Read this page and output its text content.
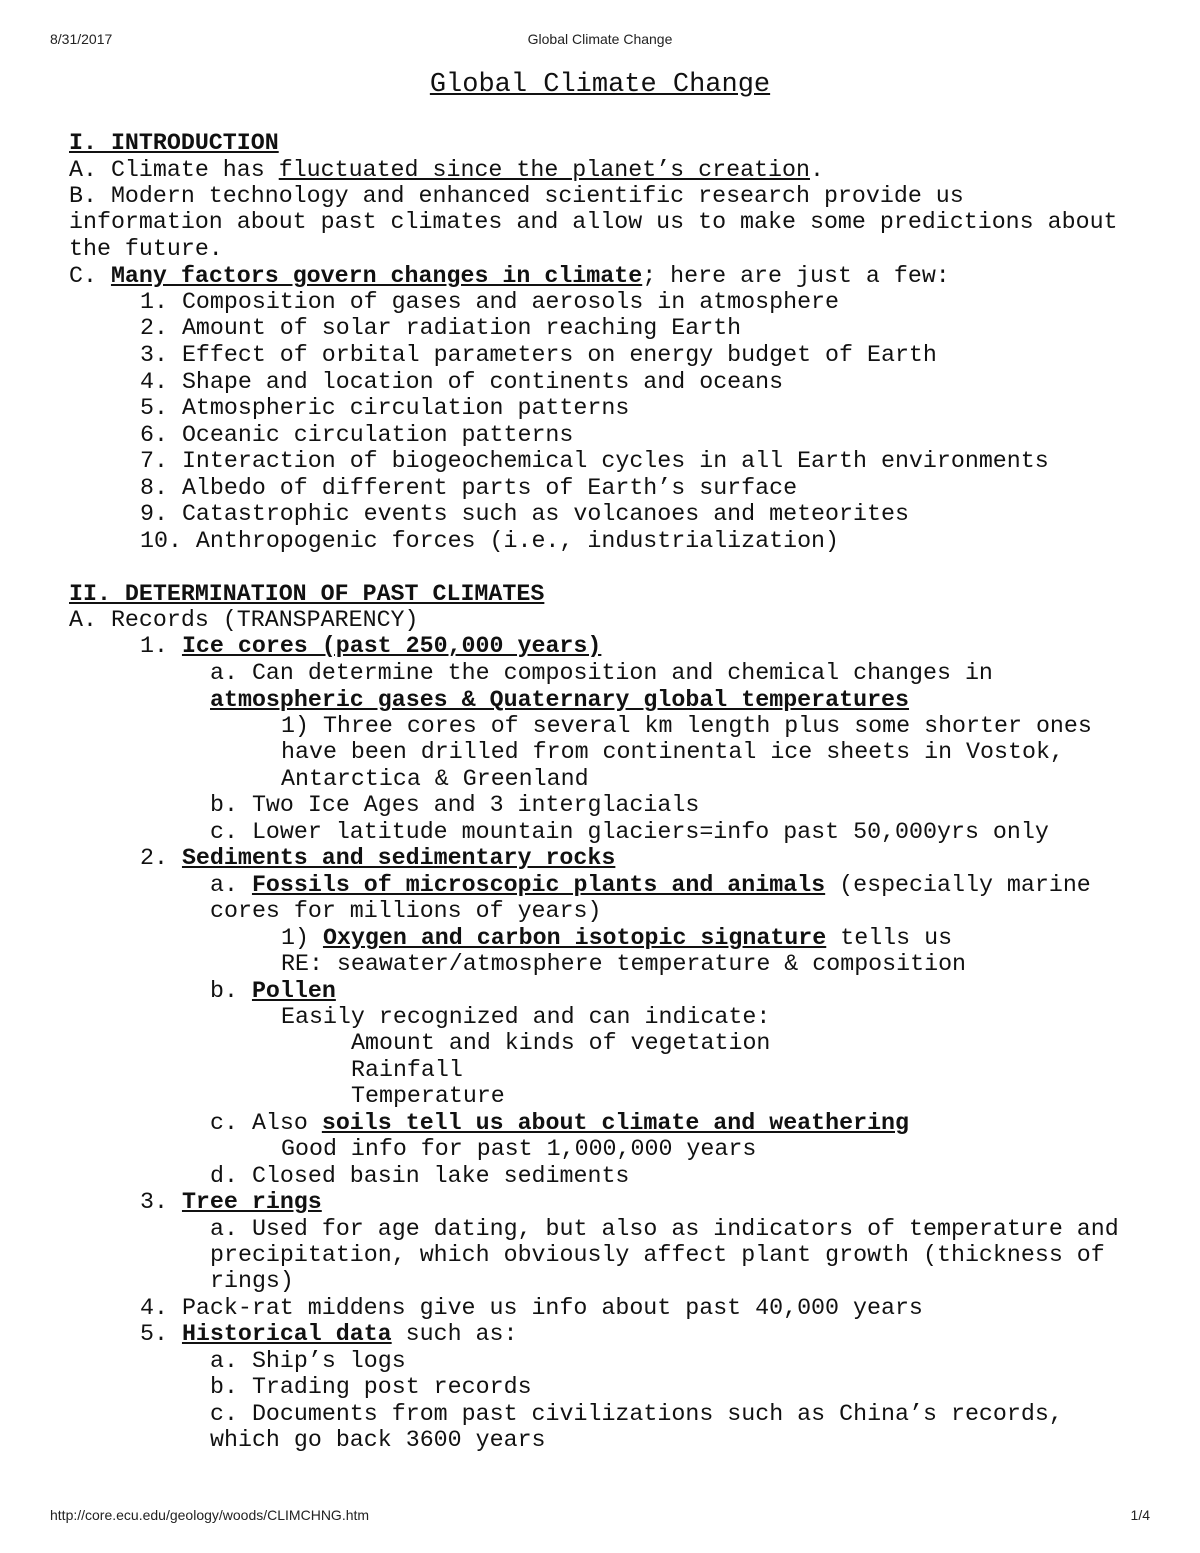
8/31/2017	Global Climate Change
Global Climate Change

I. INTRODUCTION

A. Climate has fluctuated since the planet’s creation.

B. Modern technology and enhanced scientific research provide us

information about past climates and allow us to make some predictions about

the future.

C. Many factors govern changes in climate; here are just a few:

1. Composition of gases and aerosols in atmosphere

2. Amount of solar radiation reaching Earth

3. Effect of orbital parameters on energy budget of Earth

4. Shape and location of continents and oceans

5. Atmospheric circulation patterns

6. Oceanic circulation patterns

7. Interaction of biogeochemical cycles in all Earth environments

8. Albedo of different parts of Earth’s surface

9. Catastrophic events such as volcanoes and meteorites

10. Anthropogenic forces (i.e., industrialization)

II. DETERMINATION OF PAST CLIMATES

A. Records (TRANSPARENCY)

1. Ice cores (past 250,000 years)

a. Can determine the composition and chemical changes in

atmospheric gases & Quaternary global temperatures

1) Three cores of several km length plus some shorter ones

have been drilled from continental ice sheets in Vostok,

Antarctica & Greenland

b. Two Ice Ages and 3 interglacials

c. Lower latitude mountain glaciers=info past 50,000yrs only

2. Sediments and sedimentary rocks

a. Fossils of microscopic plants and animals (especially marine

cores for millions of years)

1) Oxygen and carbon isotopic signature tells us

RE: seawater/atmosphere temperature & composition

b. Pollen

Easily recognized and can indicate:

Amount and kinds of vegetation

Rainfall

Temperature

c. Also soils tell us about climate and weathering

Good info for past 1,000,000 years

d. Closed basin lake sediments

3. Tree rings

a. Used for age dating, but also as indicators of temperature and

precipitation, which obviously affect plant growth (thickness of

rings)

4. Pack-rat middens give us info about past 40,000 years

5. Historical data such as:

a. Ship’s logs

b. Trading post records

c. Documents from past civilizations such as China’s records,

which go back 3600 years

http://core.ecu.edu/geology/woods/CLIMCHNG.htm	1/4
